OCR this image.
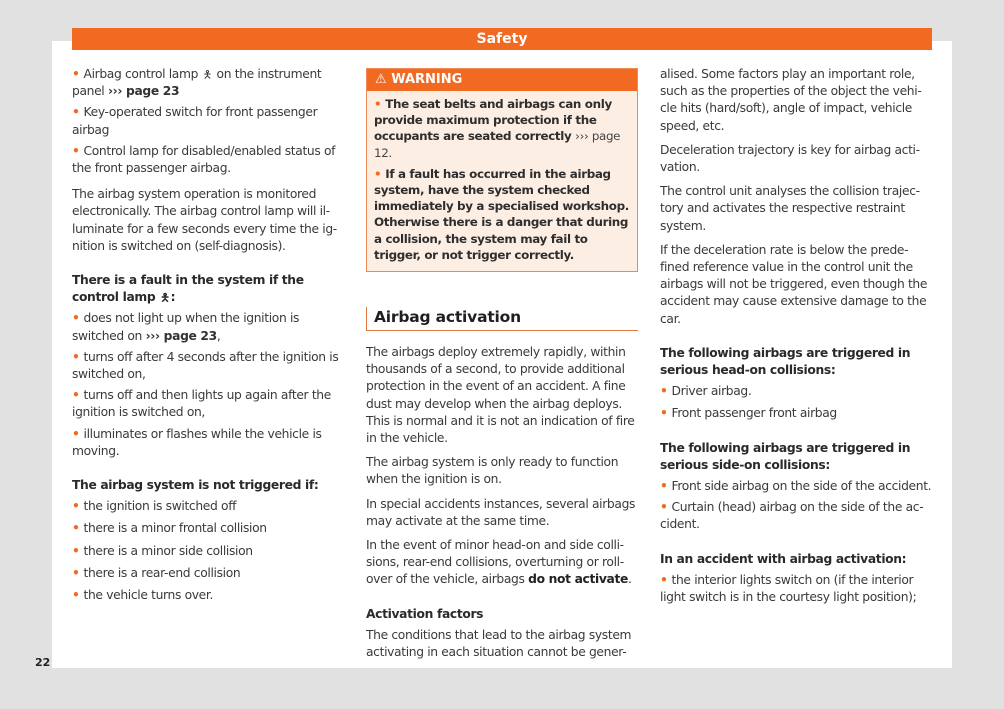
Safety
22

• Airbag control lamp 🯅 on the instrument panel ››› page 23

• Key-operated switch for front passenger airbag

• Control lamp for disabled/enabled status of the front passenger airbag.

The airbag system operation is monitored electronically. The airbag control lamp will illuminate for a few seconds every time the ignition is switched on (self-diagnosis).

There is a fault in the system if the control lamp 🯅:

• does not light up when the ignition is switched on ››› page 23,

• turns off after 4 seconds after the ignition is switched on,

• turns off and then lights up again after the ignition is switched on,

• illuminates or flashes while the vehicle is moving.

The airbag system is not triggered if:

• the ignition is switched off

• there is a minor frontal collision

• there is a minor side collision

• there is a rear-end collision

• the vehicle turns over.

⚠ WARNING

• The seat belts and airbags can only provide maximum protection if the occupants are seated correctly ››› page 12.

• If a fault has occurred in the airbag system, have the system checked immediately by a specialised workshop. Otherwise there is a danger that during a collision, the system may fail to trigger, or not trigger correctly.

Airbag activation

The airbags deploy extremely rapidly, within thousands of a second, to provide additional protection in the event of an accident. A fine dust may develop when the airbag deploys. This is normal and it is not an indication of fire in the vehicle.

The airbag system is only ready to function when the ignition is on.

In special accidents instances, several airbags may activate at the same time.

In the event of minor head-on and side collisions, rear-end collisions, overturning or rollover of the vehicle, airbags do not activate.

Activation factors

The conditions that lead to the airbag system activating in each situation cannot be gener-

alised. Some factors play an important role, such as the properties of the object the vehicle hits (hard/soft), angle of impact, vehicle speed, etc.

Deceleration trajectory is key for airbag activation.

The control unit analyses the collision trajectory and activates the respective restraint system.

If the deceleration rate is below the predefined reference value in the control unit the airbags will not be triggered, even though the accident may cause extensive damage to the car.

The following airbags are triggered in serious head-on collisions:

• Driver airbag.

• Front passenger front airbag

The following airbags are triggered in serious side-on collisions:

• Front side airbag on the side of the accident.

• Curtain (head) airbag on the side of the accident.

In an accident with airbag activation:

• the interior lights switch on (if the interior light switch is in the courtesy light position);
